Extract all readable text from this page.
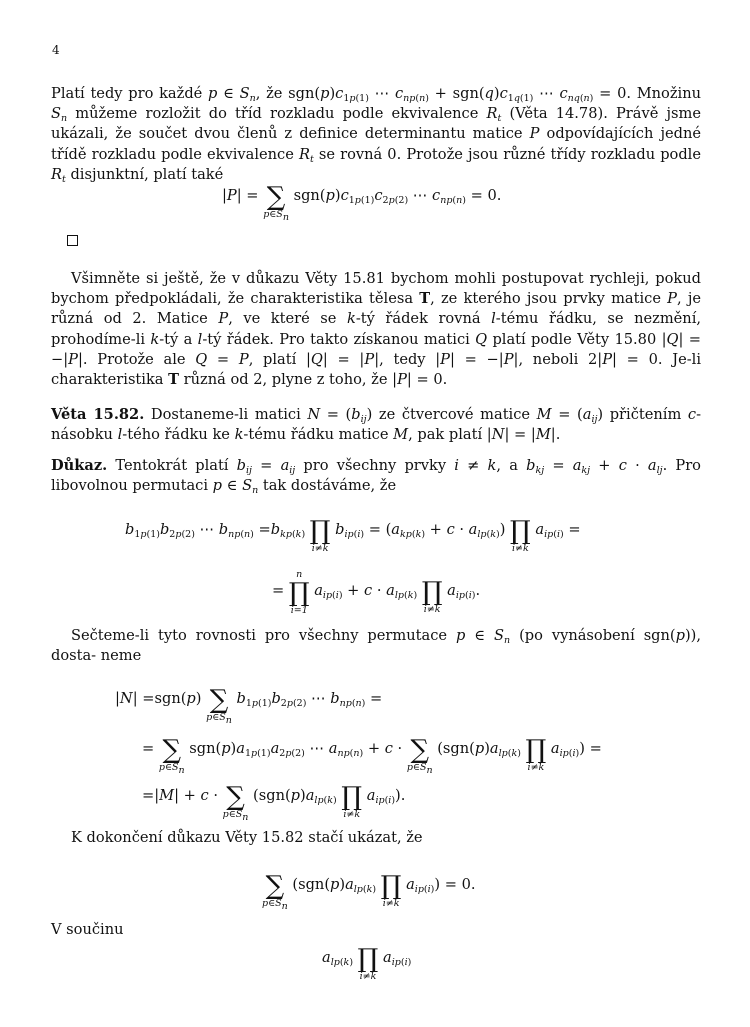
4
Platí tedy pro každé p ∈ $S_n$, že $sgn(p)c_{1p(1)}$ ⋯ $c_{np(n)} + sgn(q)c_{1q(1)}$ ⋯ $c_{nq(n)} = 0$. Množinu $S_n$ můžeme rozložit do tříd rozkladu podle ekvivalence $R_t$ (Věta 14.78). Právě jsme ukázali, že součet dvou členů z definice determinantu matice P odpovídajících jedné třídě rozkladu podle ekvivalence $R_t$ se rovná 0. Protože jsou různé třídy rozkladu podle $R_t$ disjunktní, platí také
|P| = ∑
$p\in S_n$
$sgn(p)c_{1p(1)}c_{2p(2)}$ ⋯ $c_{np(n)} = 0$.
Všimněte si ještě, že v důkazu Věty 15.81 bychom mohli postupovat rychleji, pokud bychom předpokládali, že charakteristika tělesa T, ze kterého jsou prvky matice P, je různá od 2. Matice P, ve které se k-tý řádek rovná l-tému řádku, se nezmění, prohodíme-li k-tý a l-tý řádek. Pro takto získanou matici Q platí podle Věty 15.80 |Q| = −|P|. Protože ale Q = P, platí |Q| = |P|, tedy |P| = −|P|, neboli 2|P| = 0. Je-li charakteristika T různá od 2, plyne z toho, že |P| = 0.
Věta 15.82. Dostaneme-li matici $N = (b_{ij})$ ze čtvercové matice $M = (a_{ij})$ přičtením c-násobku l-tého řádku ke k-tému řádku matice M, pak platí |N| = |M|.
Důkaz. Tentokrát platí $b_{ij} = a_{ij}$ pro všechny prvky i ≠ k, a $b_{kj} = a_{kj} + c \cdot a_{lj}$. Pro libovolnou permutaci p ∈ $S_n$ tak dostáváme, že
$b_{1p(1)}b_{2p(2)}$ ⋯ $b_{np(n)} =b_{kp(k)}$ ∏
i≠k
$b_{ip(i)} = (a_{kp(k)} + c \cdot a_{lp(k)})$ ∏
i≠k
$a_{ip(i)}$ =
=
n
∏
i=1
$a_{ip(i)} + c \cdot a_{lp(k)}$ ∏
i≠k
$a_{ip(i)}$.
Sečteme-li tyto rovnosti pro všechny permutace p ∈ $S_n$ (po vynásobení sgn(p)), dosta- neme
|N| =sgn(p) ∑
$p\in S_n$
$b_{1p(1)}b_{2p(2)}$ ⋯ $b_{np(n)}$ =
= ∑
$p\in S_n$
$sgn(p)a_{1p(1)}a_{2p(2)}$ ⋯ $a_{np(n)} + c$ · ∑
$p\in S_n$
($sgn(p)a_{lp(k)}$ ∏
i≠k
$a_{ip(i)}$) =
=|M| + c · ∑
$p\in S_n$
($sgn(p)a_{lp(k)}$ ∏
i≠k
$a_{ip(i)}$).
K dokončení důkazu Věty 15.82 stačí ukázat, že
∑
$p\in S_n$
($sgn(p)a_{lp(k)}$ ∏
i≠k
$a_{ip(i)}) = 0$.
V součinu
$a_{lp(k)}$ ∏
i≠k
$a_{ip(i)}$
